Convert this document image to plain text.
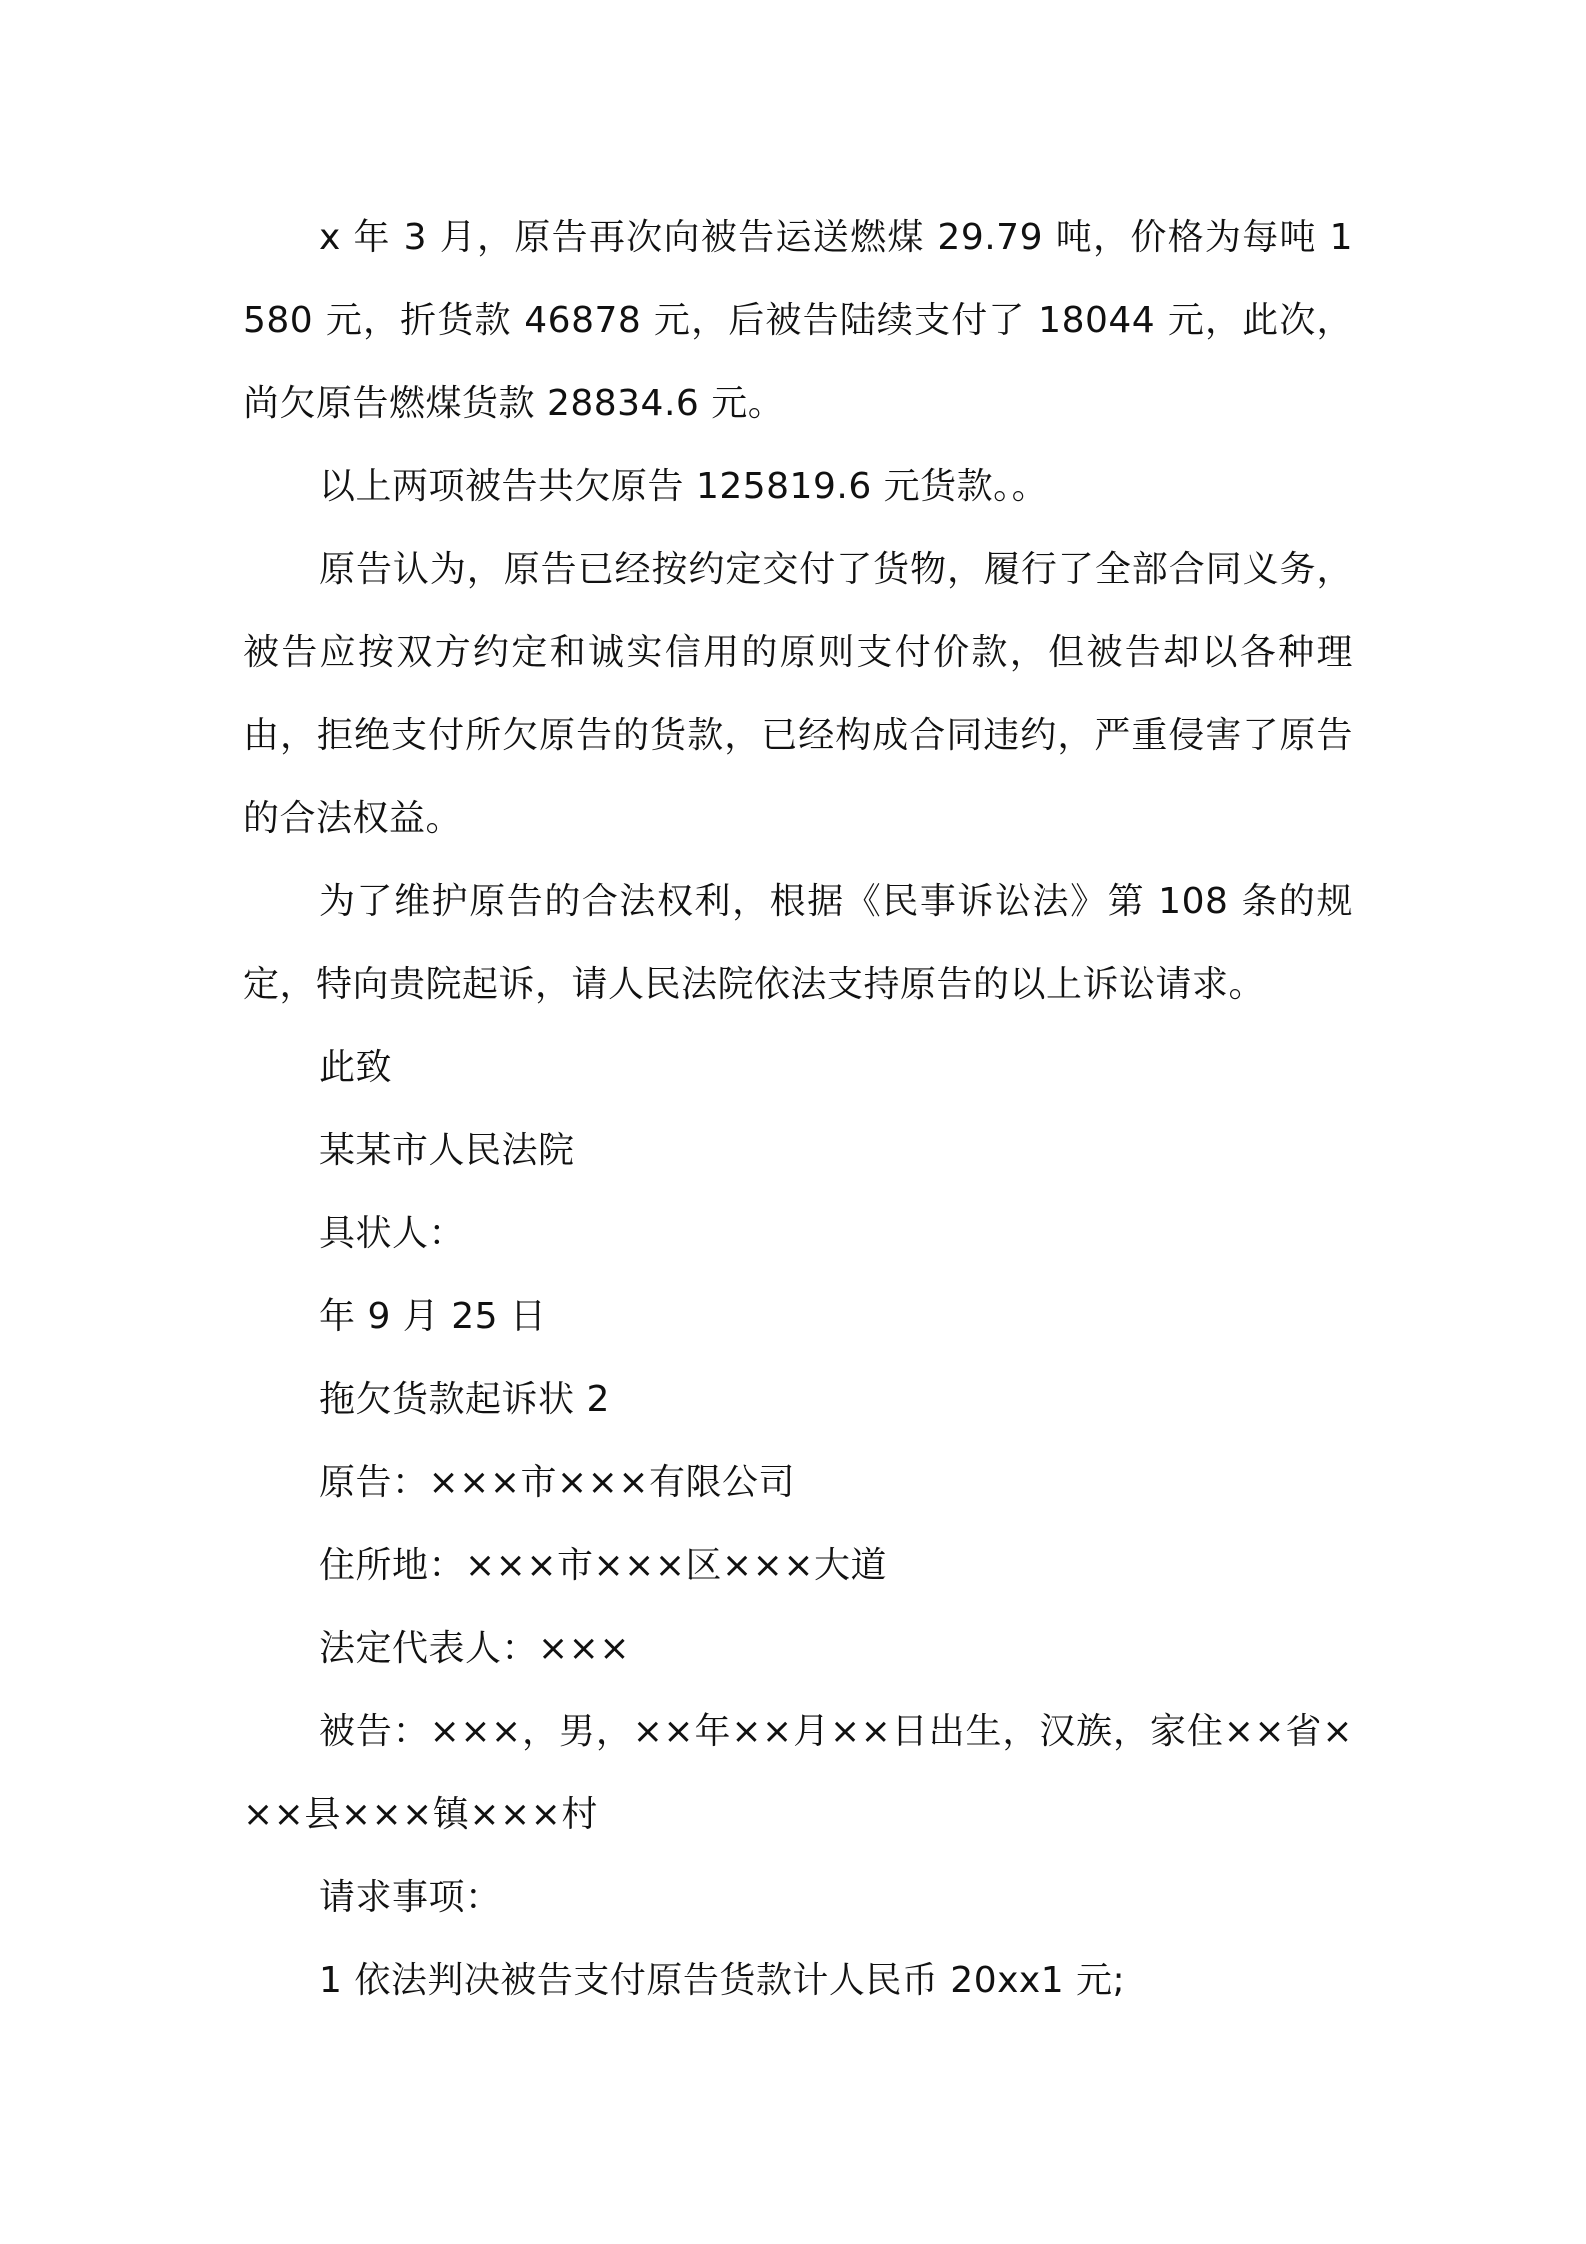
x 年 3 月，原告再次向被告运送燃煤 29.79 吨，价格为每吨 1580 元，折货款 46878 元，后被告陆续支付了 18044 元，此次，尚欠原告燃煤货款 28834.6 元。

以上两项被告共欠原告 125819.6 元货款。。

原告认为，原告已经按约定交付了货物，履行了全部合同义务，被告应按双方约定和诚实信用的原则支付价款，但被告却以各种理由，拒绝支付所欠原告的货款，已经构成合同违约，严重侵害了原告的合法权益。

为了维护原告的合法权利，根据《民事诉讼法》第 108 条的规定，特向贵院起诉，请人民法院依法支持原告的以上诉讼请求。

此致

某某市人民法院

具状人：

年 9 月 25 日

拖欠货款起诉状 2

原告：×××市×××有限公司

住所地：×××市×××区×××大道

法定代表人：×××

被告：×××，男，××年××月××日出生，汉族，家住××省×××县×××镇×××村

请求事项：

1 依法判决被告支付原告货款计人民币 20xx1 元;
